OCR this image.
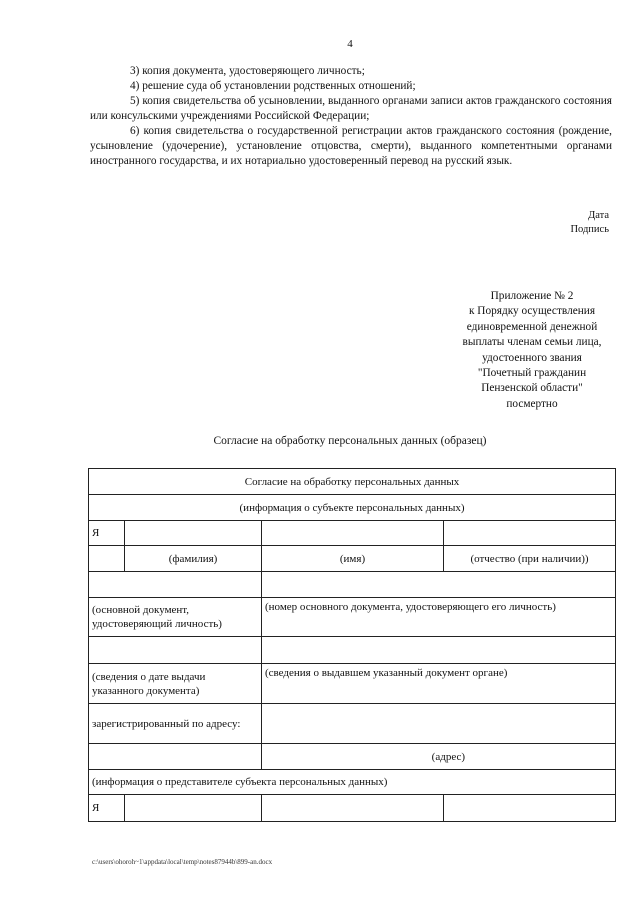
4

3) копия документа, удостоверяющего личность;

4) решение суда об установлении родственных отношений;

5) копия свидетельства об усыновлении, выданного органами записи актов гражданского состояния или консульскими учреждениями Российской Федерации;

6) копия свидетельства о государственной регистрации актов гражданского состояния (рождение, усыновление (удочерение), установление отцовства, смерти), выданного компетентными органами иностранного государства, и их нотариально удостоверенный перевод на русский язык.

Дата
Подпись
Приложение № 2
к Порядку осуществления
единовременной денежной
выплаты членам семьи лица,
удостоенного звания
"Почетный гражданин
Пензенской области"
посмертно
Согласие на обработку персональных данных (образец)
Согласие на обработку персональных данных			
(информация о субъекте персональных данных)			
Я			
	(фамилия)	(имя)	(отчество (при наличии))

(основной документ, удостоверяющий личность)		(номер основного документа, удостоверяющего его личность)	

(сведения о дате выдачи указанного документа)		(сведения о выдавшем указанный документ органе)	
зарегистрированный по адресу:			
		(адрес)	
(информация о представителе субъекта персональных данных)			
Я			
c:\users\ohoroh~1\appdata\local\temp\notes87944b\899-an.docx
